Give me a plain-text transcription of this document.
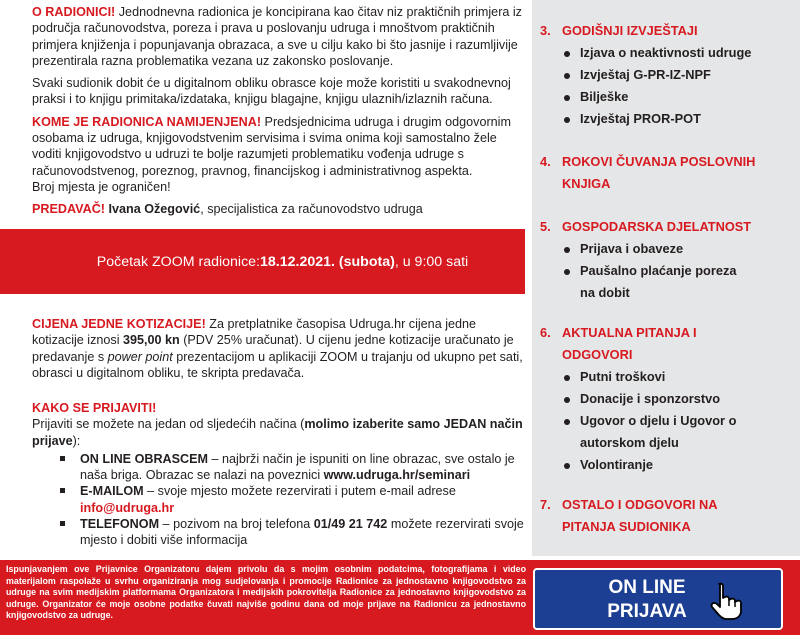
O RADIONICI! Jednodnevna radionica je koncipirana kao čitav niz praktičnih primjera iz područja računovodstva, poreza i prava u poslovanju udruga i mnoštvom praktičnih primjera knjiženja i popunjavanja obrazaca, a sve u cilju kako bi što jasnije i razumljivije prezentirala razna problematika vezana uz zakonsko poslovanje.

Svaki sudionik dobit će u digitalnom obliku obrasce koje može koristiti u svakodnevnoj praksi i to knjigu primitaka/izdataka, knjigu blagajne, knjigu ulaznih/izlaznih računa.

KOME JE RADIONICA NAMIJENJENA! Predsjednicima udruga i drugim odgovornim osobama iz udruga, knjigovodstvenim servisima i svima onima koji samostalno žele voditi knjigovodstvo u udruzi te bolje razumjeti problematiku vođenja udruge s računovodstvenog, poreznog, pravnog, financijskog i administrativnog aspekta.

Broj mjesta je ograničen!

PREDAVAČ! Ivana Ožegović, specijalistica za računovodstvo udruga

Početak ZOOM radionice: 18.12.2021. (subota) , u 9:00 sati

CIJENA JEDNE KOTIZACIJE! Za pretplatnike časopisa Udruga.hr cijena jedne kotizacije iznosi 395,00 kn (PDV 25% uračunat). U cijenu jedne kotizacije uračunato je predavanje s power point prezentacijom u aplikaciji ZOOM u trajanju od ukupno pet sati, obrasci u digitalnom obliku, te skripta predavača.

KAKO SE PRIJAVITI!

Prijaviti se možete na jedan od sljedećih načina (molimo izaberite samo JEDAN način prijave):

ON LINE OBRASCEM – najbrži način je ispuniti on line obrazac, sve ostalo je naša briga. Obrazac se nalazi na poveznici www.udruga.hr/seminari
E-MAILOM – svoje mjesto možete rezervirati i putem e-mail adrese info@udruga.hr
TELEFONOM – pozivom na broj telefona 01/49 21 742 možete rezervirati svoje mjesto i dobiti više informacija
3. GODIŠNJI IZVJEŠTAJI
Izjava o neaktivnosti udruge
Izvještaj G-PR-IZ-NPF
Bilješke
Izvještaj PROR-POT
4. ROKOVI ČUVANJA POSLOVNIH KNJIGA
5. GOSPODARSKA DJELATNOST
Prijava i obaveze
Paušalno plaćanje poreza
na dobit
6. AKTUALNA PITANJA I ODGOVORI
Putni troškovi
Donacije i sponzorstvo
Ugovor o djelu i Ugovor o
autorskom djelu
Volontiranje
7. OSTALO I ODGOVORI NA PITANJA SUDIONIKA

Ispunjavanjem ove Prijavnice Organizatoru dajem privolu da s mojim osobnim podatcima, fotografijama i video materijalom raspolaže u svrhu organiziranja mog sudjelovanja i promocije Radionice za jednostavno knjigovodstvo za udruge na svim medijskim platformama Organizatora i medijskih pokrovitelja Radionice za jednostavno knjigovodstvo za udruge. Organizator će moje osobne podatke čuvati najviše godinu dana od moje prijave na Radionicu za jednostavno knjigovodstvo za udruge.

ON LINE
PRIJAVA
